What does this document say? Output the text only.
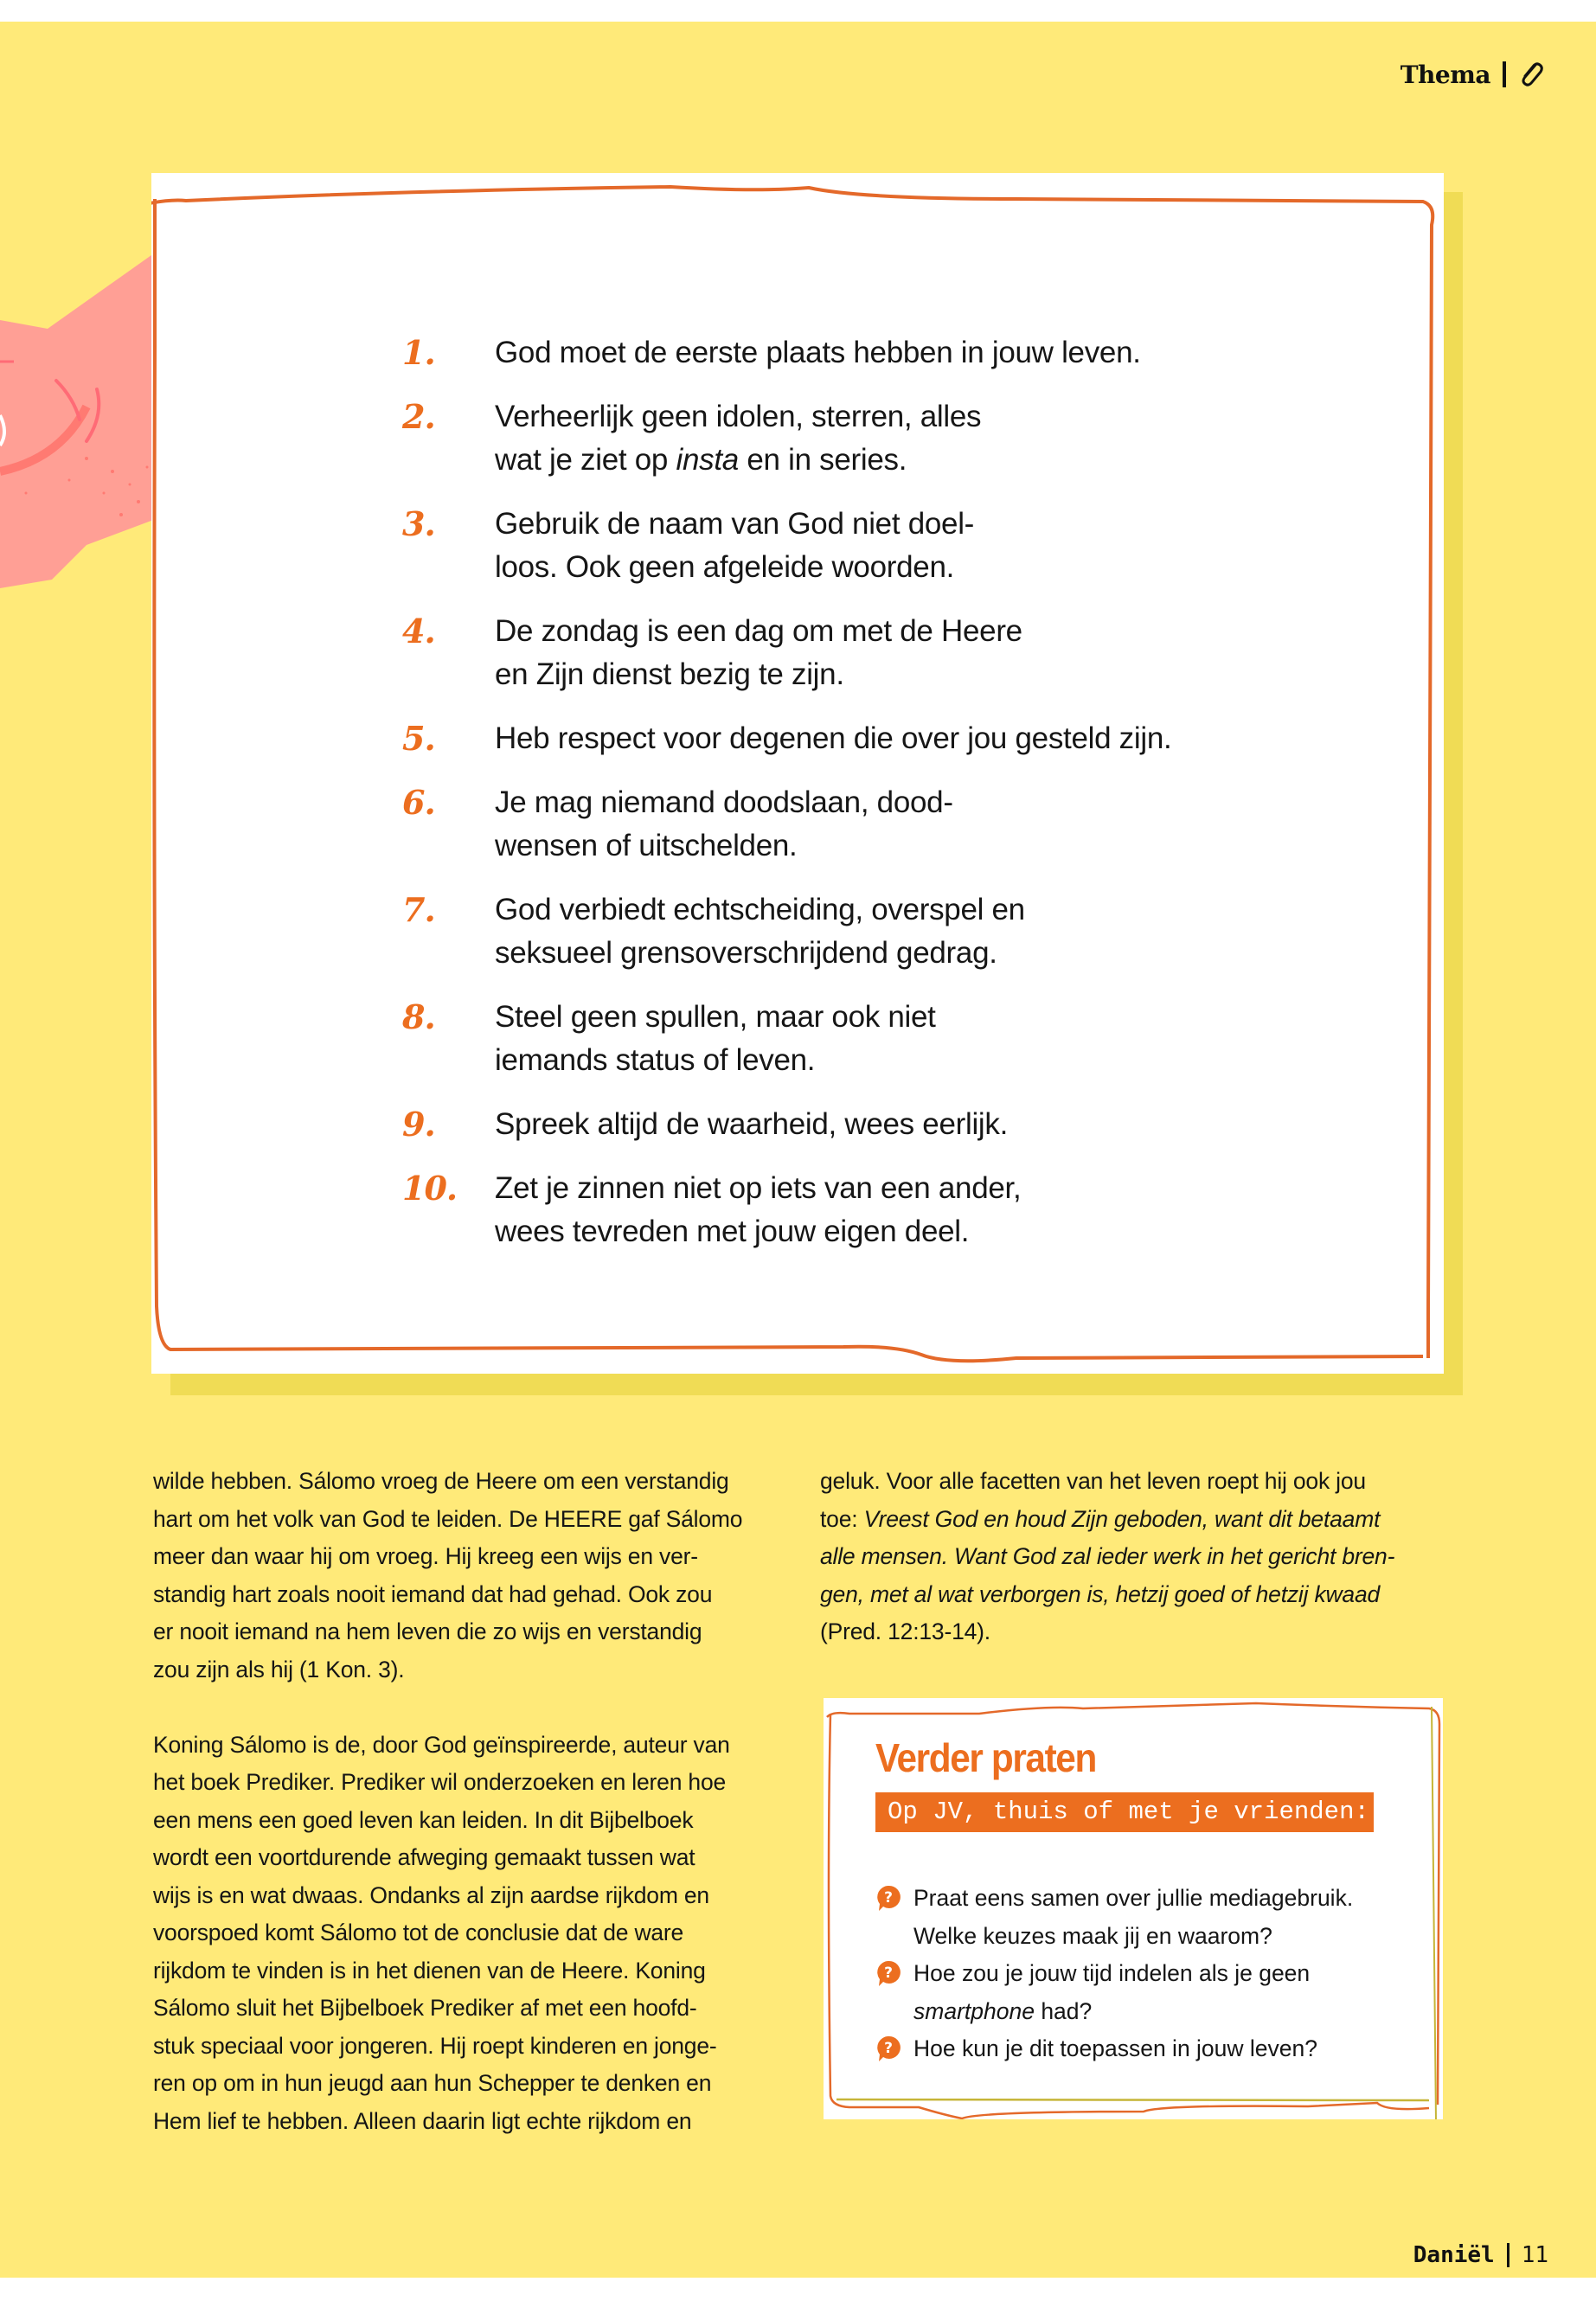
Thema
1.	God moet de eerste plaats hebben in jouw leven.
2.	Verheerlijk geen idolen, sterren, alles
wat je ziet op insta en in series.
3.	Gebruik de naam van God niet doel-
loos. Ook geen afgeleide woorden.
4.	De zondag is een dag om met de Heere
en Zijn dienst bezig te zijn.
5.	Heb respect voor degenen die over jou gesteld zijn.
6.	Je mag niemand doodslaan, dood-
wensen of uitschelden.
7.	God verbiedt echtscheiding, overspel en
seksueel grensoverschrijdend gedrag.
8.	Steel geen spullen, maar ook niet
iemands status of leven.
9.	Spreek altijd de waarheid, wees eerlijk.
10.	Zet je zinnen niet op iets van een ander,
wees tevreden met jouw eigen deel.

wilde hebben. Sálomo vroeg de Heere om een verstandig
hart om het volk van God te leiden. De HEERE gaf Sálomo
meer dan waar hij om vroeg. Hij kreeg een wijs en ver-
standig hart zoals nooit iemand dat had gehad. Ook zou
er nooit iemand na hem leven die zo wijs en verstandig
zou zijn als hij (1 Kon. 3).

Koning Sálomo is de, door God geïnspireerde, auteur van
het boek Prediker. Prediker wil onderzoeken en leren hoe
een mens een goed leven kan leiden. In dit Bijbelboek
wordt een voortdurende afweging gemaakt tussen wat
wijs is en wat dwaas. Ondanks al zijn aardse rijkdom en
voorspoed komt Sálomo tot de conclusie dat de ware
rijkdom te vinden is in het dienen van de Heere. Koning
Sálomo sluit het Bijbelboek Prediker af met een hoofd-
stuk speciaal voor jongeren. Hij roept kinderen en jonge-
ren op om in hun jeugd aan hun Schepper te denken en
Hem lief te hebben. Alleen daarin ligt echte rijkdom en

geluk. Voor alle facetten van het leven roept hij ook jou
toe: Vreest God en houd Zijn geboden, want dit betaamt
alle mensen. Want God zal ieder werk in het gericht bren-
gen, met al wat verborgen is, hetzij goed of hetzij kwaad
(Pred. 12:13-14).

Verder praten
Op JV, thuis of met je vrienden:
? Praat eens samen over jullie mediagebruik.
Welke keuzes maak jij en waarom?
? Hoe zou je jouw tijd indelen als je geen
smartphone had?
? Hoe kun je dit toepassen in jouw leven?
Daniël 11
